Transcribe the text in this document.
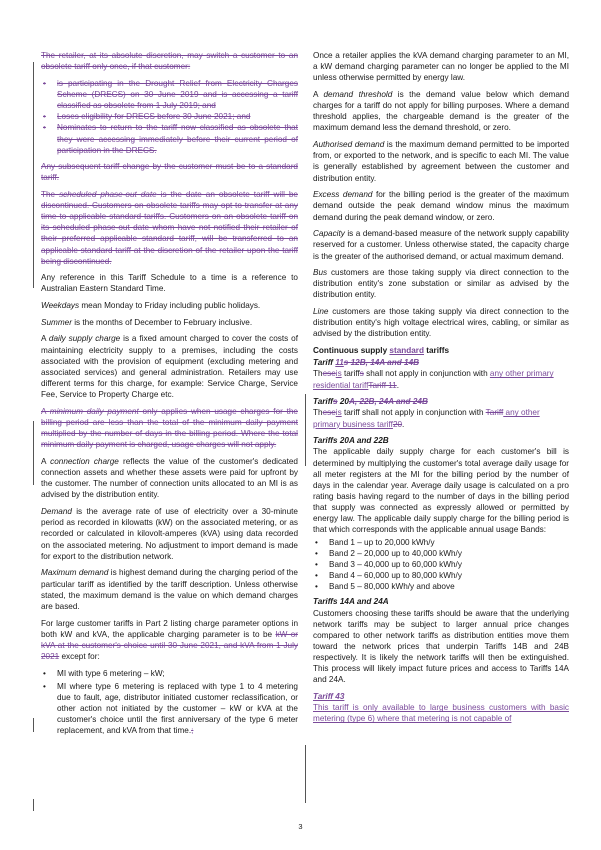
The retailer, at its absolute discretion, may switch a customer to an obsolete tariff only once, if that customer:

• is participating in the Drought Relief from Electricity Charges Scheme (DRECS) on 30 June 2019 and is accessing a tariff classified as obsolete from 1 July 2019; and
• Loses eligibility for DRECS before 30 June 2021; and
• Nominates to return to the tariff now classified as obsolete that they were accessing immediately before their current period of participation in the DRECS.

Any subsequent tariff change by the customer must be to a standard tariff.

The scheduled phase-out date is the date an obsolete tariff will be discontinued. Customers on obsolete tariffs may opt to transfer at any time to applicable standard tariffs. Customers on an obsolete tariff on its scheduled phase-out date whom have not notified their retailer of their preferred applicable standard tariff, will be transferred to an applicable standard tariff at the discretion of the retailer upon the tariff being discontinued.

Any reference in this Tariff Schedule to a time is a reference to Australian Eastern Standard Time.

Weekdays mean Monday to Friday including public holidays.

Summer is the months of December to February inclusive.

A daily supply charge is a fixed amount charged to cover the costs of maintaining electricity supply to a premises, including the costs associated with the provision of equipment (excluding metering and associated services) and general administration. Retailers may use different terms for this charge, for example: Service Charge, Service Fee, Service to Property Charge etc.

A minimum daily payment only applies when usage charges for the billing period are less than the total of the minimum daily payment multiplied by the number of days in the billing period. Where the total minimum daily payment is charged, usage charges will not apply.

A connection charge reflects the value of the customer's dedicated connection assets and whether these assets were paid for upfront by the customer. The number of connection units allocated to an MI is as advised by the distribution entity.

Demand is the average rate of use of electricity over a 30-minute period as recorded in kilowatts (kW) on the associated metering, or as recorded or calculated in kilovolt-amperes (kVA) using data recorded on the associated metering. No adjustment to import demand is made for export to the distribution network.

Maximum demand is highest demand during the charging period of the particular tariff as identified by the tariff description. Unless otherwise stated, the maximum demand is the value on which demand charges are based.

For large customer tariffs in Part 2 listing charge parameter options in both kW and kVA, the applicable charging parameter is to be kW or kVA at the customer's choice until 30 June 2021, and kVA from 1 July 2021 except for:

• MI with type 6 metering – kW;
• MI where type 6 metering is replaced with type 1 to 4 metering due to fault, age, distributor initiated customer reclassification, or other action not initiated by the customer – kW or kVA at the customer's choice until the first anniversary of the type 6 meter replacement, and kVA from that time.;

Once a retailer applies the kVA demand charging parameter to an MI, a kW demand charging parameter can no longer be applied to the MI unless otherwise permitted by energy law.

A demand threshold is the demand value below which demand charges for a tariff do not apply for billing purposes. Where a demand threshold applies, the chargeable demand is the greater of the maximum demand less the demand threshold, or zero.

Authorised demand is the maximum demand permitted to be imported from, or exported to the network, and is specific to each MI. The value is generally established by agreement between the customer and distribution entity.

Excess demand for the billing period is the greater of the maximum demand outside the peak demand window minus the maximum demand during the peak demand window, or zero.

Capacity is a demand-based measure of the network supply capability reserved for a customer. Unless otherwise stated, the capacity charge is the greater of the authorised demand, or actual maximum demand.

Bus customers are those taking supply via direct connection to the distribution entity's zone substation or similar as advised by the distribution entity.

Line customers are those taking supply via direct connection to the distribution entity's high voltage electrical wires, cabling, or similar as advised by the distribution entity.

Continuous supply standard tariffs
Tariff 11s 12B, 14A and 14B

Theseis tariffs shall not apply in conjunction with any other primary residential tariffTariff 11.

Tariffs 20A, 22B, 24A and 24B

Theseis tariff shall not apply in conjunction with Tariff any other primary business tariff20.

Tariffs 20A and 22B

The applicable daily supply charge for each customer's bill is determined by multiplying the customer's total average daily usage for all meter registers at the MI for the billing period by the number of days in the calendar year. Average daily usage is calculated on a pro rating basis having regard to the number of days in the billing period that supply was connected as expressly allowed or permitted by energy law. The applicable daily supply charge for the billing period is that which corresponds with the applicable annual usage Bands:

• Band 1 – up to 20,000 kWh/y
• Band 2 – 20,000 up to 40,000 kWh/y
• Band 3 – 40,000 up to 60,000 kWh/y
• Band 4 – 60,000 up to 80,000 kWh/y
• Band 5 – 80,000 kWh/y and above
Tariffs 14A and 24A

Customers choosing these tariffs should be aware that the underlying network tariffs may be subject to larger annual price changes compared to other network tariffs as distribution entities move them toward the network prices that underpin Tariffs 14B and 24B respectively. It is likely the network tariffs will then be extinguished. This process will likely impact future prices and access to Tariffs 14A and 24A.

Tariff 43

This tariff is only available to large business customers with basic metering (type 6) where that metering is not capable of

3
